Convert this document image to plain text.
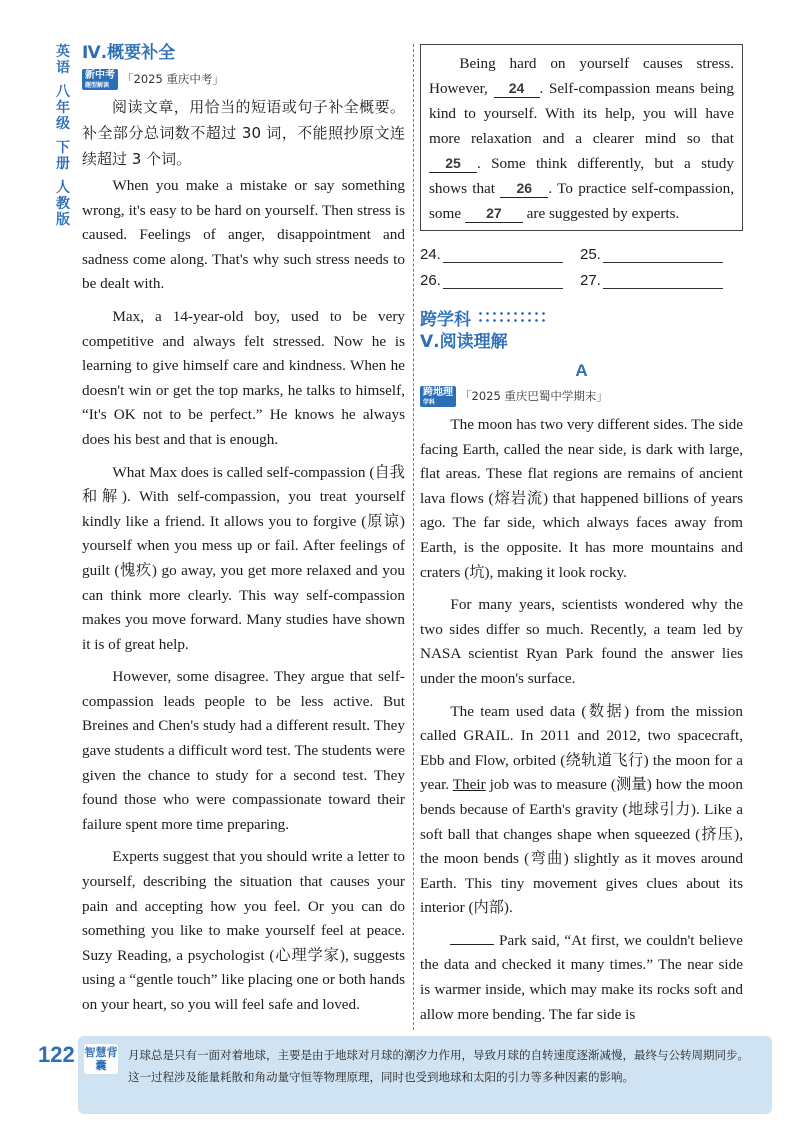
英语
八年级
下册
人教版
Ⅳ.概要补全
新中考
题型解读	「2025 重庆中考」

阅读文章，用恰当的短语或句子补全概要。补全部分总词数不超过 30 词，不能照抄原文连续超过 3 个词。

When you make a mistake or say something wrong, it's easy to be hard on yourself. Then stress is caused. Feelings of anger, disappointment and sadness come along. That's why such stress needs to be dealt with.

Max, a 14-year-old boy, used to be very competitive and always felt stressed. Now he is learning to give himself care and kindness. When he doesn't win or get the top marks, he talks to himself, “It's OK not to be perfect.” He knows he always does his best and that is enough.

What Max does is called self-compassion (自我和解). With self-compassion, you treat yourself kindly like a friend. It allows you to forgive (原谅) yourself when you mess up or fail. After feelings of guilt (愧疚) go away, you get more relaxed and you can think more clearly. This way self-compassion makes you move forward. Many studies have shown it is of great help.

However, some disagree. They argue that self-compassion leads people to be less active. But Breines and Chen's study had a different result. They gave students a difficult word test. The students were given the chance to study for a second test. They found those who were compassionate toward their failure spent more time preparing.

Experts suggest that you should write a letter to yourself, describing the situation that causes your pain and accepting how you feel. Or you can do something you like to make yourself feel at peace. Suzy Reading, a psychologist (心理学家), suggests using a “gentle touch” like placing one or both hands on your heart, so you will feel safe and loved.

Being hard on yourself causes stress. However, 24 . Self-compassion means being kind to yourself. With its help, you will have more relaxation and a clearer mind so that 25 . Some think differently, but a study shows that 26 . To practice self-compassion, some 27 are suggested by experts.

24.	25.
26.	27.
跨学科
Ⅴ.阅读理解
A
跨地理
学科	「2025 重庆巴蜀中学期末」

The moon has two very different sides. The side facing Earth, called the near side, is dark with large, flat areas. These flat regions are remains of ancient lava flows (熔岩流) that happened billions of years ago. The far side, which always faces away from Earth, is the opposite. It has more mountains and craters (坑), making it look rocky.

For many years, scientists wondered why the two sides differ so much. Recently, a team led by NASA scientist Ryan Park found the answer lies under the moon's surface.

The team used data (数据) from the mission called GRAIL. In 2011 and 2012, two spacecraft, Ebb and Flow, orbited (绕轨道飞行) the moon for a year. Their job was to measure (测量) how the moon bends because of Earth's gravity (地球引力). Like a soft ball that changes shape when squeezed (挤压), the moon bends (弯曲) slightly as it moves around Earth. This tiny movement gives clues about its interior (内部).

Park said, “At first, we couldn't believe the data and checked it many times.” The near side is warmer inside, which may make its rocks soft and allow more bending. The far side is

122 智慧背囊
月球总是只有一面对着地球，主要是由于地球对月球的潮汐力作用，导致月球的自转速度逐渐减慢，最终与公转周期同步。这一过程涉及能量耗散和角动量守恒等物理原理，同时也受到地球和太阳的引力等多种因素的影响。
